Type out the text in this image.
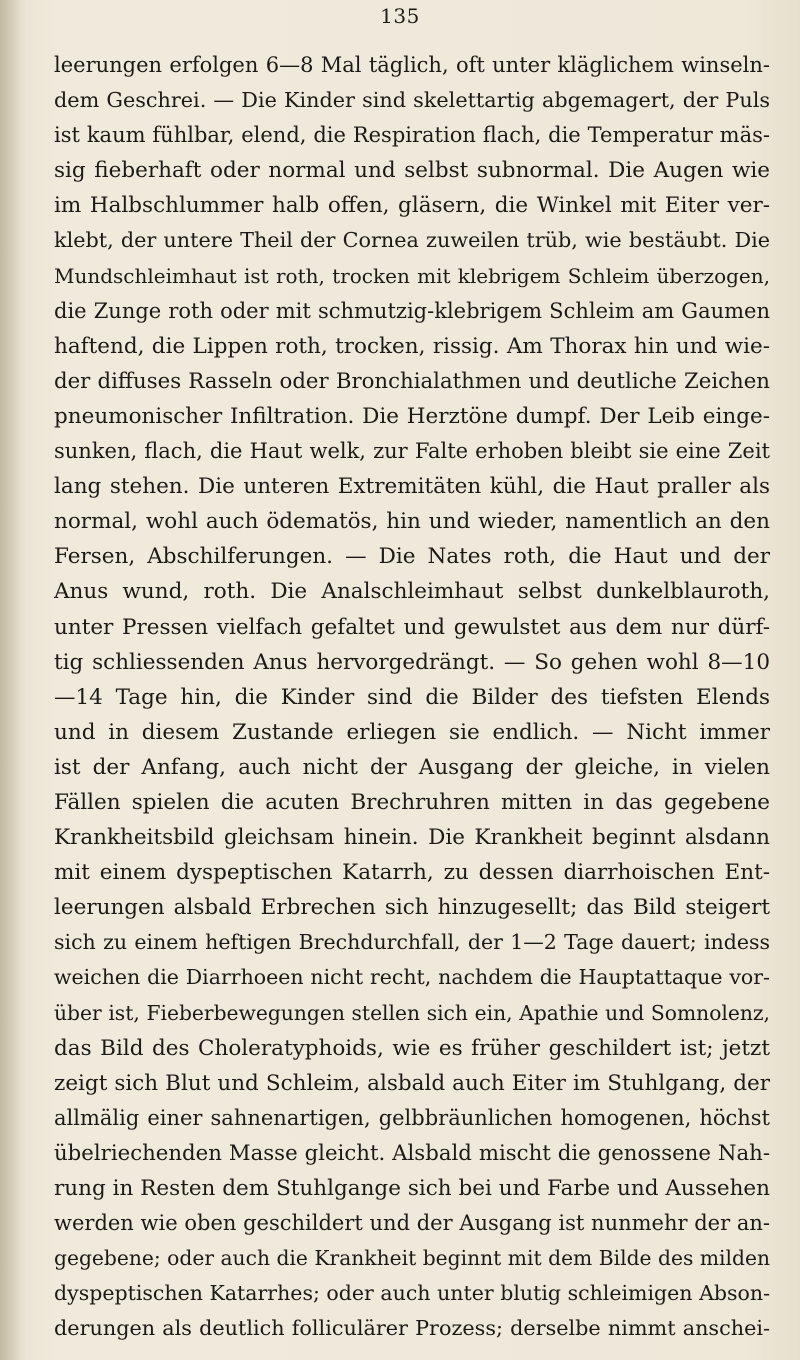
135
leerungen erfolgen 6—8 Mal täglich, oft unter kläglichem winseln-
dem Geschrei. — Die Kinder sind skelettartig abgemagert, der Puls
ist kaum fühlbar, elend, die Respiration flach, die Temperatur mäs-
sig fieberhaft oder normal und selbst subnormal. Die Augen wie
im Halbschlummer halb offen, gläsern, die Winkel mit Eiter ver-
klebt, der untere Theil der Cornea zuweilen trüb, wie bestäubt. Die
Mundschleimhaut ist roth, trocken mit klebrigem Schleim überzogen,
die Zunge roth oder mit schmutzig-klebrigem Schleim am Gaumen
haftend, die Lippen roth, trocken, rissig. Am Thorax hin und wie-
der diffuses Rasseln oder Bronchialathmen und deutliche Zeichen
pneumonischer Infiltration. Die Herztöne dumpf. Der Leib einge-
sunken, flach, die Haut welk, zur Falte erhoben bleibt sie eine Zeit
lang stehen. Die unteren Extremitäten kühl, die Haut praller als
normal, wohl auch ödematös, hin und wieder, namentlich an den
Fersen, Abschilferungen. — Die Nates roth, die Haut und der
Anus wund, roth. Die Analschleimhaut selbst dunkelblauroth,
unter Pressen vielfach gefaltet und gewulstet aus dem nur dürf-
tig schliessenden Anus hervorgedrängt. — So gehen wohl 8—10
—14 Tage hin, die Kinder sind die Bilder des tiefsten Elends
und in diesem Zustande erliegen sie endlich. — Nicht immer
ist der Anfang, auch nicht der Ausgang der gleiche, in vielen
Fällen spielen die acuten Brechruhren mitten in das gegebene
Krankheitsbild gleichsam hinein. Die Krankheit beginnt alsdann
mit einem dyspeptischen Katarrh, zu dessen diarrhoischen Ent-
leerungen alsbald Erbrechen sich hinzugesellt; das Bild steigert
sich zu einem heftigen Brechdurchfall, der 1—2 Tage dauert; indess
weichen die Diarrhoeen nicht recht, nachdem die Hauptattaque vor-
über ist, Fieberbewegungen stellen sich ein, Apathie und Somnolenz,
das Bild des Choleratyphoids, wie es früher geschildert ist; jetzt
zeigt sich Blut und Schleim, alsbald auch Eiter im Stuhlgang, der
allmälig einer sahnenartigen, gelbbräunlichen homogenen, höchst
übelriechenden Masse gleicht. Alsbald mischt die genossene Nah-
rung in Resten dem Stuhlgange sich bei und Farbe und Aussehen
werden wie oben geschildert und der Ausgang ist nunmehr der an-
gegebene; oder auch die Krankheit beginnt mit dem Bilde des milden
dyspeptischen Katarrhes; oder auch unter blutig schleimigen Abson-
derungen als deutlich folliculärer Prozess; derselbe nimmt anschei-
